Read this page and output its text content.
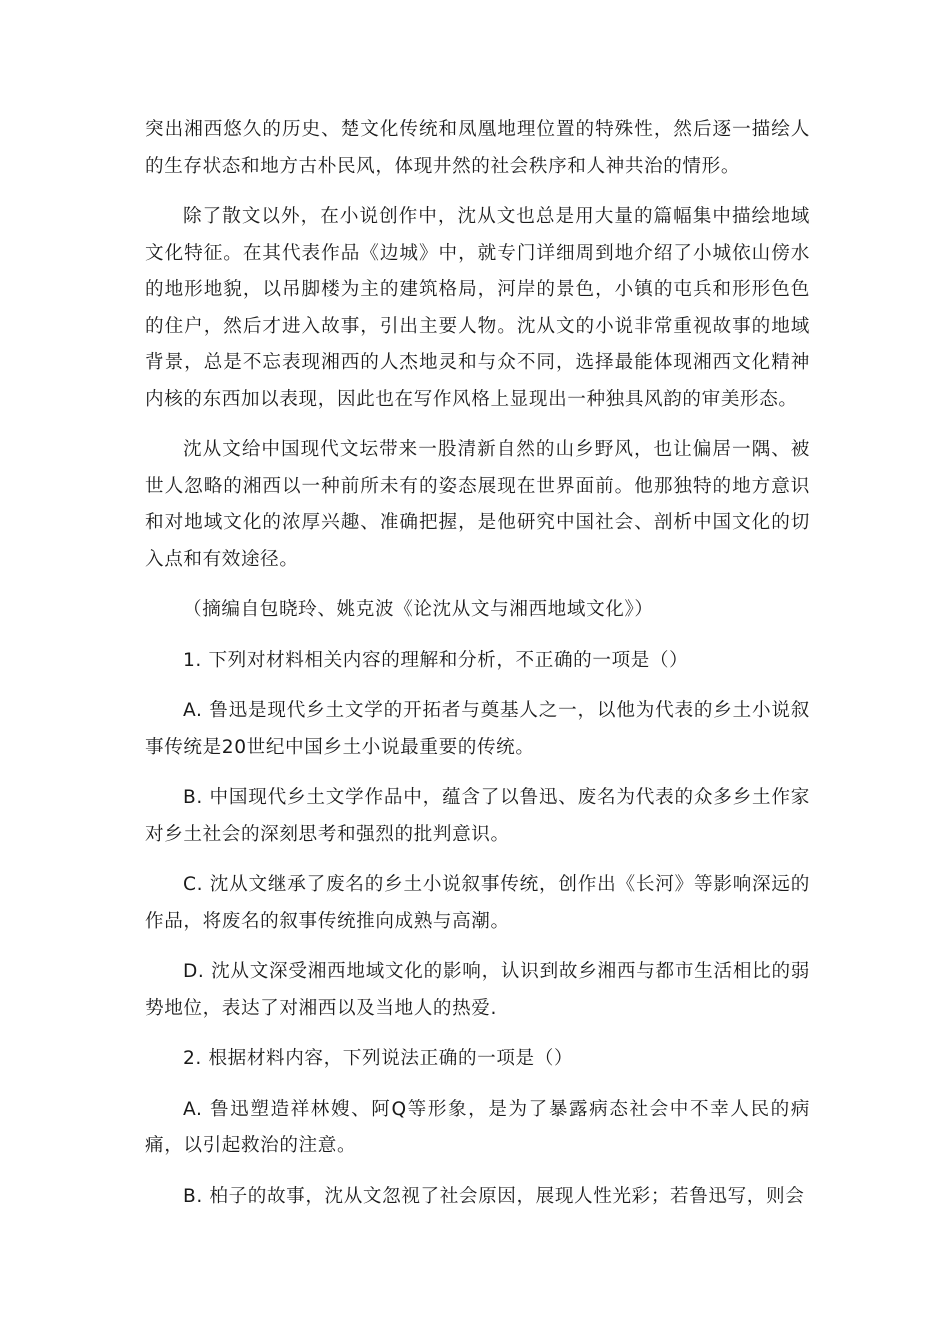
突出湘西悠久的历史、楚文化传统和凤凰地理位置的特殊性，然后逐一描绘人的生存状态和地方古朴民风，体现井然的社会秩序和人神共治的情形。

除了散文以外，在小说创作中，沈从文也总是用大量的篇幅集中描绘地域文化特征。在其代表作品《边城》中，就专门详细周到地介绍了小城依山傍水的地形地貌，以吊脚楼为主的建筑格局，河岸的景色，小镇的屯兵和形形色色的住户，然后才进入故事，引出主要人物。沈从文的小说非常重视故事的地域背景，总是不忘表现湘西的人杰地灵和与众不同，选择最能体现湘西文化精神内核的东西加以表现，因此也在写作风格上显现出一种独具风韵的审美形态。

沈从文给中国现代文坛带来一股清新自然的山乡野风，也让偏居一隅、被世人忽略的湘西以一种前所未有的姿态展现在世界面前。他那独特的地方意识和对地域文化的浓厚兴趣、准确把握，是他研究中国社会、剖析中国文化的切入点和有效途径。

（摘编自包晓玲、姚克波《论沈从文与湘西地域文化》）

1. 下列对材料相关内容的理解和分析，不正确的一项是（）

A. 鲁迅是现代乡土文学的开拓者与奠基人之一，以他为代表的乡土小说叙事传统是20世纪中国乡土小说最重要的传统。

B. 中国现代乡土文学作品中，蕴含了以鲁迅、废名为代表的众多乡土作家对乡土社会的深刻思考和强烈的批判意识。

C. 沈从文继承了废名的乡土小说叙事传统，创作出《长河》等影响深远的作品，将废名的叙事传统推向成熟与高潮。

D. 沈从文深受湘西地域文化的影响，认识到故乡湘西与都市生活相比的弱势地位，表达了对湘西以及当地人的热爱.

2. 根据材料内容，下列说法正确的一项是（）

A. 鲁迅塑造祥林嫂、阿Q等形象，是为了暴露病态社会中不幸人民的病痛，以引起救治的注意。

B. 柏子的故事，沈从文忽视了社会原因，展现人性光彩；若鲁迅写，则会
